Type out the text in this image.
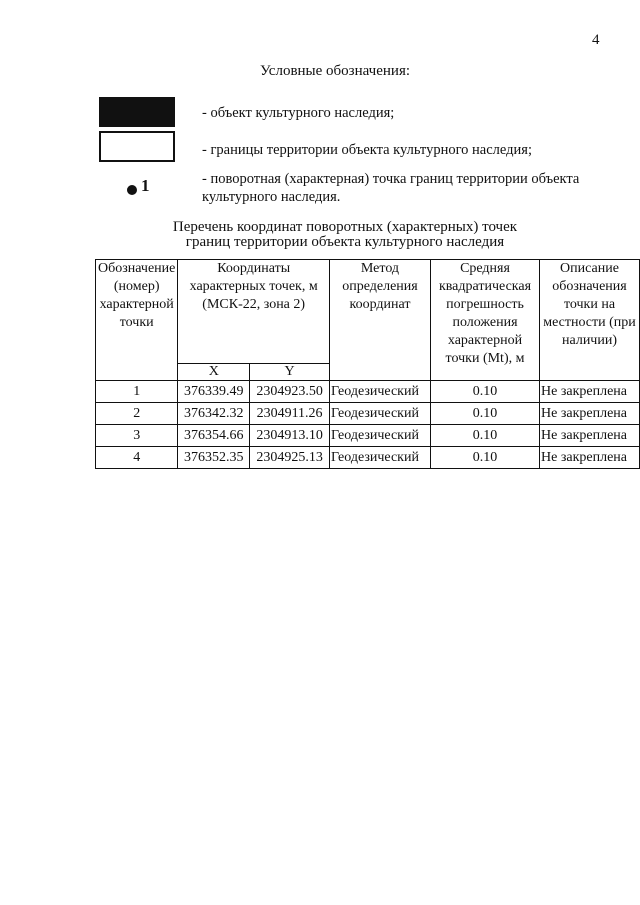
4
Условные обозначения:
- объект культурного наследия;
- границы территории объекта культурного наследия;
1	- поворотная (характерная) точка границ территории объекта культурного наследия.
Перечень координат поворотных (характерных) точек
границ территории объекта культурного наследия
Обозначение (номер) характерной точки	Координаты характерных точек, м (МСК-22, зона 2)		Метод определения координат	Средняя квадратическая погрешность положения характерной точки (Mt), м	Описание обозначения точки на местности (при наличии)
	X	Y			
1	376339.49	2304923.50	Геодезический	0.10	Не закреплена
2	376342.32	2304911.26	Геодезический	0.10	Не закреплена
3	376354.66	2304913.10	Геодезический	0.10	Не закреплена
4	376352.35	2304925.13	Геодезический	0.10	Не закреплена
